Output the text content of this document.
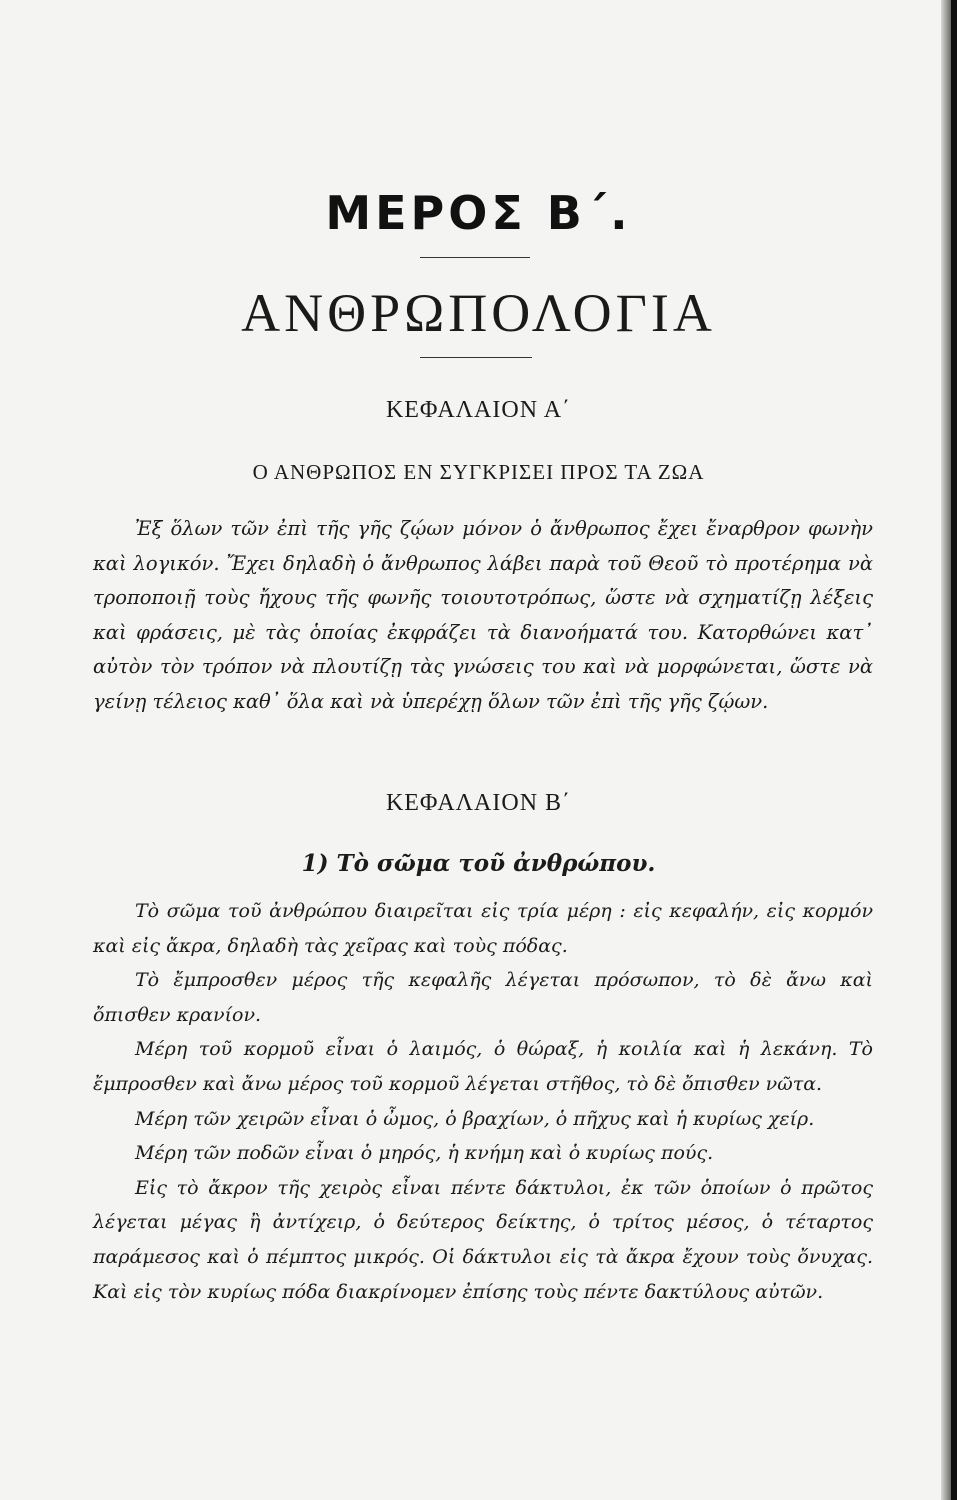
ΜΕΡΟΣ Β΄.
ΑΝΘΡΩΠΟΛΟΓΙΑ
ΚΕΦΑΛΑΙΟΝ Α΄
Ο ΑΝΘΡΩΠΟΣ ΕΝ ΣΥΓΚΡΙΣΕΙ ΠΡΟΣ ΤΑ ΖΩΑ

Ἐξ ὅλων τῶν ἐπὶ τῆς γῆς ζῴων μόνον ὁ ἄνθρωπος ἔχει ἔναρθρον φωνὴν καὶ λογικόν. Ἔχει δηλαδὴ ὁ ἄνθρωπος λάβει παρὰ τοῦ Θεοῦ τὸ προτέρημα νὰ τροποποιῇ τοὺς ἤχους τῆς φωνῆς τοιουτοτρόπως, ὥστε νὰ σχηματίζῃ λέξεις καὶ φράσεις, μὲ τὰς ὁποίας ἐκφράζει τὰ διανοήματά του. Κατορθώνει κατ᾽ αὐτὸν τὸν τρόπον νὰ πλουτίζῃ τὰς γνώσεις του καὶ νὰ μορφώνεται, ὥστε νὰ γείνῃ τέλειος καθ᾽ ὅλα καὶ νὰ ὑπερέχῃ ὅλων τῶν ἐπὶ τῆς γῆς ζῴων.

ΚΕΦΑΛΑΙΟΝ Β΄
1) Τὸ σῶμα τοῦ ἀνθρώπου.

Τὸ σῶμα τοῦ ἀνθρώπου διαιρεῖται εἰς τρία μέρη : εἰς κεφαλήν, εἰς κορμόν καὶ εἰς ἄκρα, δηλαδὴ τὰς χεῖρας καὶ τοὺς πόδας.

Τὸ ἔμπροσθεν μέρος τῆς κεφαλῆς λέγεται πρόσωπον, τὸ δὲ ἄνω καὶ ὄπισθεν κρανίον.

Μέρη τοῦ κορμοῦ εἶναι ὁ λαιμός, ὁ θώραξ, ἡ κοιλία καὶ ἡ λεκάνη. Τὸ ἔμπροσθεν καὶ ἄνω μέρος τοῦ κορμοῦ λέγεται στῆθος, τὸ δὲ ὄπισθεν νῶτα.

Μέρη τῶν χειρῶν εἶναι ὁ ὦμος, ὁ βραχίων, ὁ πῆχυς καὶ ἡ κυρίως χείρ.

Μέρη τῶν ποδῶν εἶναι ὁ μηρός, ἡ κνήμη καὶ ὁ κυρίως πούς.

Εἰς τὸ ἄκρον τῆς χειρὸς εἶναι πέντε δάκτυλοι, ἐκ τῶν ὁποίων ὁ πρῶτος λέγεται μέγας ἢ ἀντίχειρ, ὁ δεύτερος δείκτης, ὁ τρίτος μέσος, ὁ τέταρτος παράμεσος καὶ ὁ πέμπτος μικρός. Οἱ δάκτυλοι εἰς τὰ ἄκρα ἔχουν τοὺς ὄνυχας. Καὶ εἰς τὸν κυρίως πόδα διακρίνομεν ἐπίσης τοὺς πέντε δακτύλους αὐτῶν.
